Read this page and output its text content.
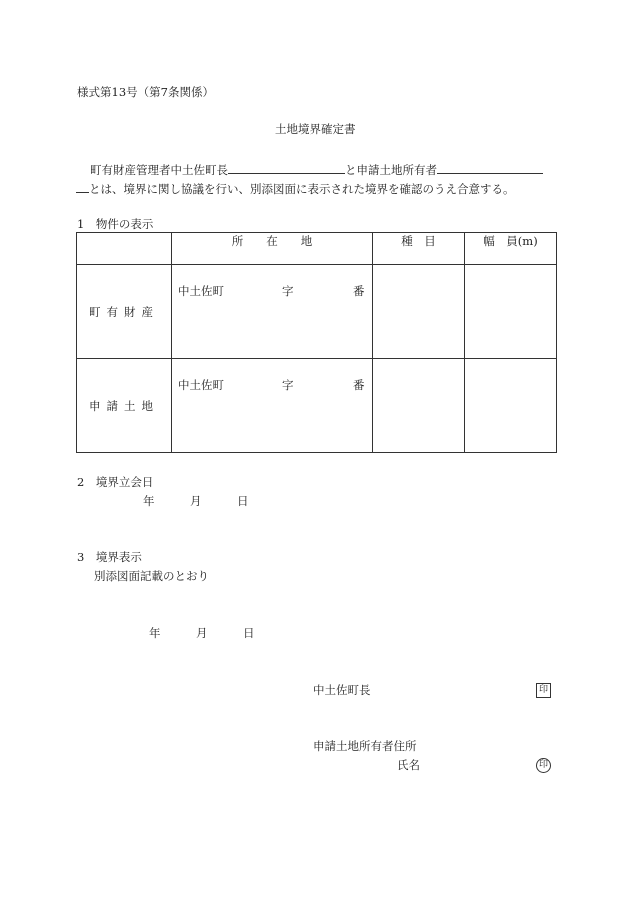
様式第13号（第7条関係）
土地境界確定書
町有財産管理者中土佐町長	と申請土地所有者
とは、境界に関し協議を行い、別添図面に表示された境界を確認のうえ合意する。
1　物件の表示
	所　　在　　地	種　目	幅　員(m)
町有財産	中土佐町 字 番		

申請土地	中土佐町 字 番		

2　境界立会日
年	月	日
3　境界表示
別添図面記載のとおり
年	月	日
中土佐町長	印
申請土地所有者住所
氏名	印
